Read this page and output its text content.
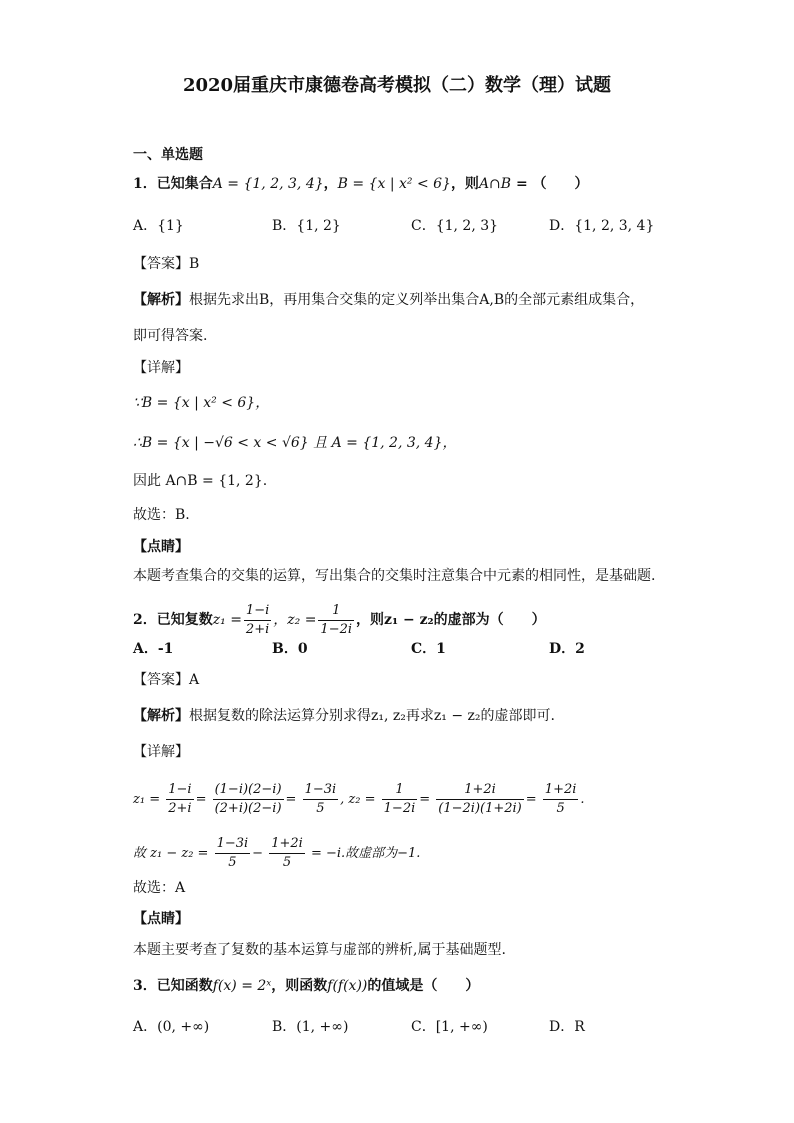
2020届重庆市康德卷高考模拟（二）数学（理）试题
一、单选题
1．已知集合A = {1, 2, 3, 4}，B = {x | x² < 6}，则A∩B = （　　）
A．{1}	B．{1, 2}	C．{1, 2, 3}	D．{1, 2, 3, 4}
【答案】B
【解析】根据先求出B，再用集合交集的定义列举出集合A,B的全部元素组成集合，
即可得答案.
【详解】
∵B = {x | x² < 6}，
∴B = {x | −√6 < x < √6} 且 A = {1, 2, 3, 4}，
因此 A∩B = {1, 2}.
故选：B.
【点睛】
本题考查集合的交集的运算，写出集合的交集时注意集合中元素的相同性，是基础题.
2．已知复数$z_1 = \frac{1-i}{2+i}$ ，$z_2 = \frac{1}{1-2i}$ ，则z₁ − z₂的虚部为（　　）
A．-1	B．0	C．1	D．2
【答案】A
【解析】根据复数的除法运算分别求得z₁, z₂再求z₁ − z₂的虚部即可.
【详解】
$z_1 = \frac{1-i}{2+i} = \frac{(1-i)(2-i)}{(2+i)(2-i)} = \frac{1-3i}{5}$ , $z_2 = \frac{1}{1-2i} = \frac{1+2i}{(1-2i)(1+2i)} = \frac{1+2i}{5}$ .
故 $z_1 - z_2 = \frac{1-3i}{5} - \frac{1+2i}{5} = -i$.故虚部为−1.
故选：A
【点睛】
本题主要考查了复数的基本运算与虚部的辨析,属于基础题型.
3．已知函数f(x) = 2ˣ，则函数f(f(x))的值域是（　　）
A．(0, +∞)	B．(1, +∞)	C．[1, +∞)	D．R
